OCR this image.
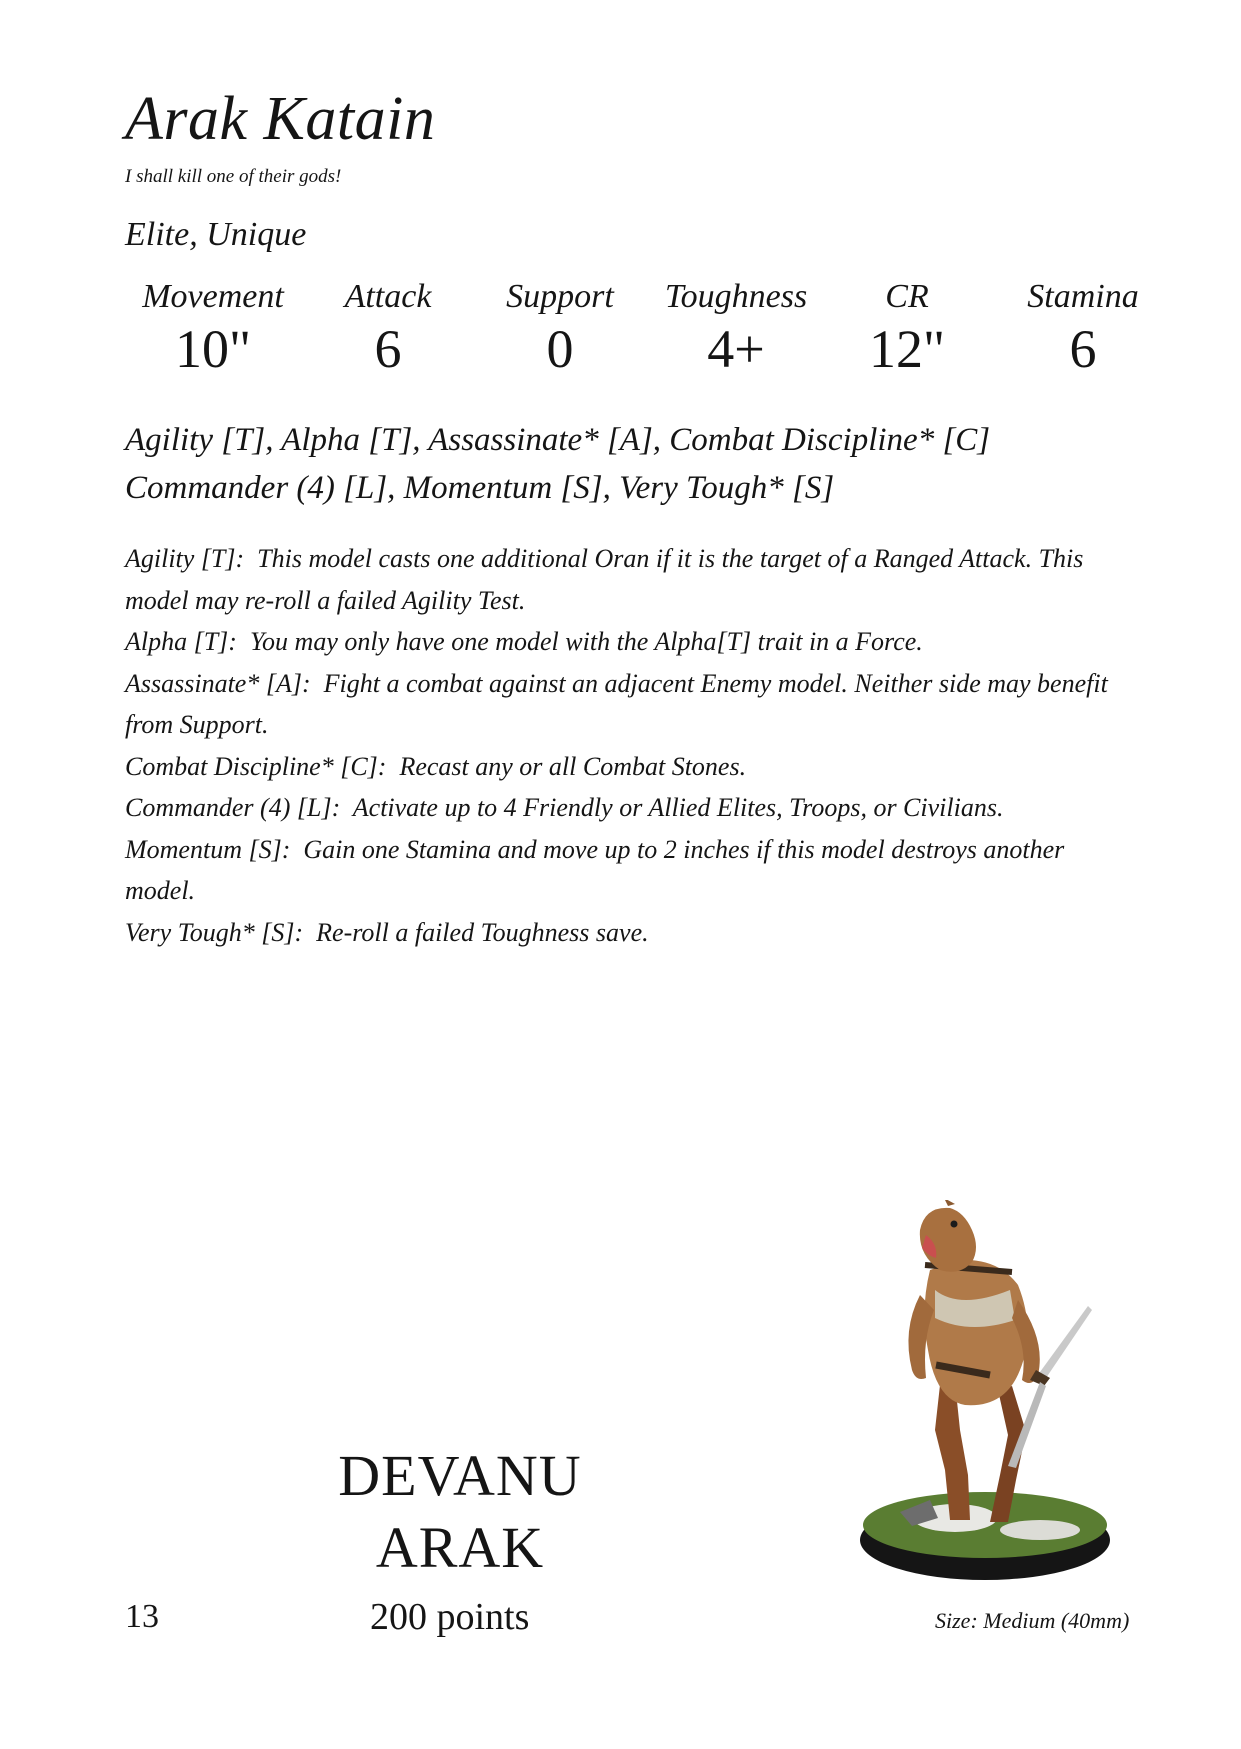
Arak Katain
I shall kill one of their gods!
Elite, Unique
Movement
10"
Attack
6
Support
0
Toughness
4+
CR
12"
Stamina
6
Agility [T], Alpha [T], Assassinate* [A], Combat Discipline* [C]
Commander (4) [L], Momentum [S], Very Tough* [S]
Agility [T]: This model casts one additional Oran if it is the target of a Ranged Attack. This model may re-roll a failed Agility Test.
Alpha [T]: You may only have one model with the Alpha[T] trait in a Force.
Assassinate* [A]: Fight a combat against an adjacent Enemy model. Neither side may benefit from Support.
Combat Discipline* [C]: Recast any or all Combat Stones.
Commander (4) [L]: Activate up to 4 Friendly or Allied Elites, Troops, or Civilians.
Momentum [S]: Gain one Stamina and move up to 2 inches if this model destroys another model.
Very Tough* [S]: Re-roll a failed Toughness save.
DEVANU
ARAK
13	200 points	Size: Medium (40mm)
